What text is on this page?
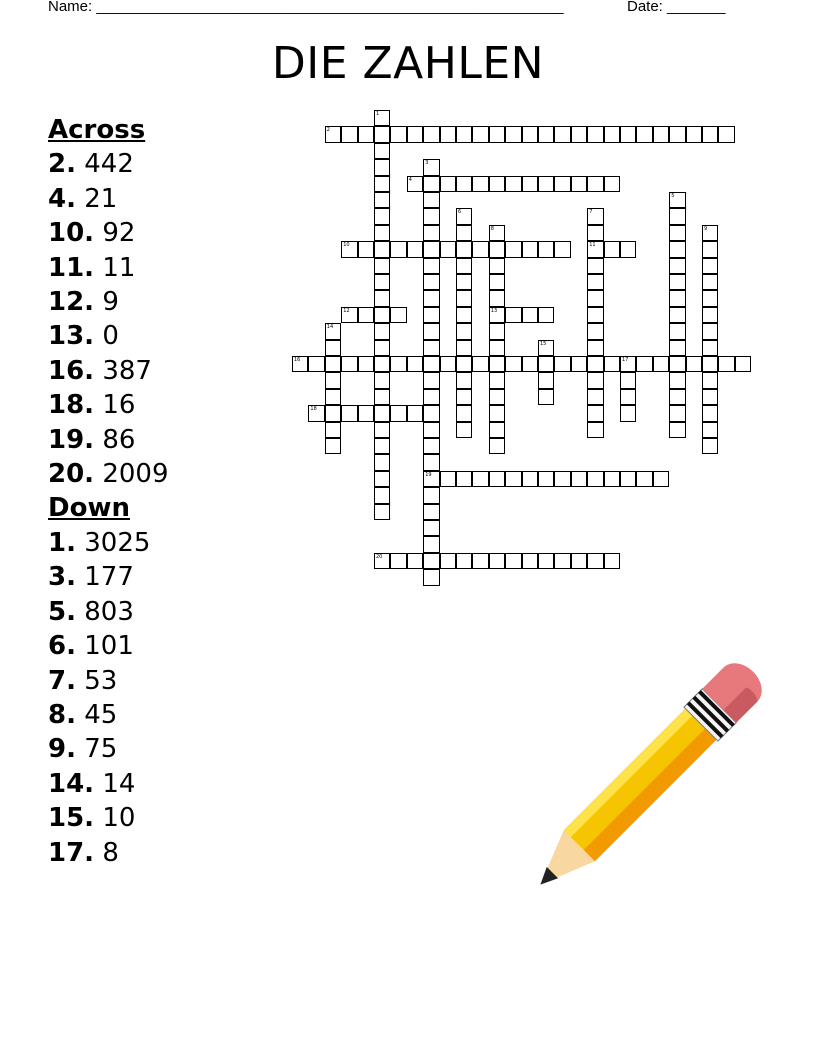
Name: ________________________________________________________	Date: _______
DIE ZAHLEN
Across
2. 442
4. 21
10. 92
11. 11
12. 9
13. 0
16. 387
18. 16
19. 86
20. 2009
Down
1. 3025
3. 177
5. 803
6. 101
7. 53
8. 45
9. 75
14. 14
15. 10
17. 8
1
2
3
19
4
5
6	7
11
8
13
9
10
12
14
15
16	17
18
20
